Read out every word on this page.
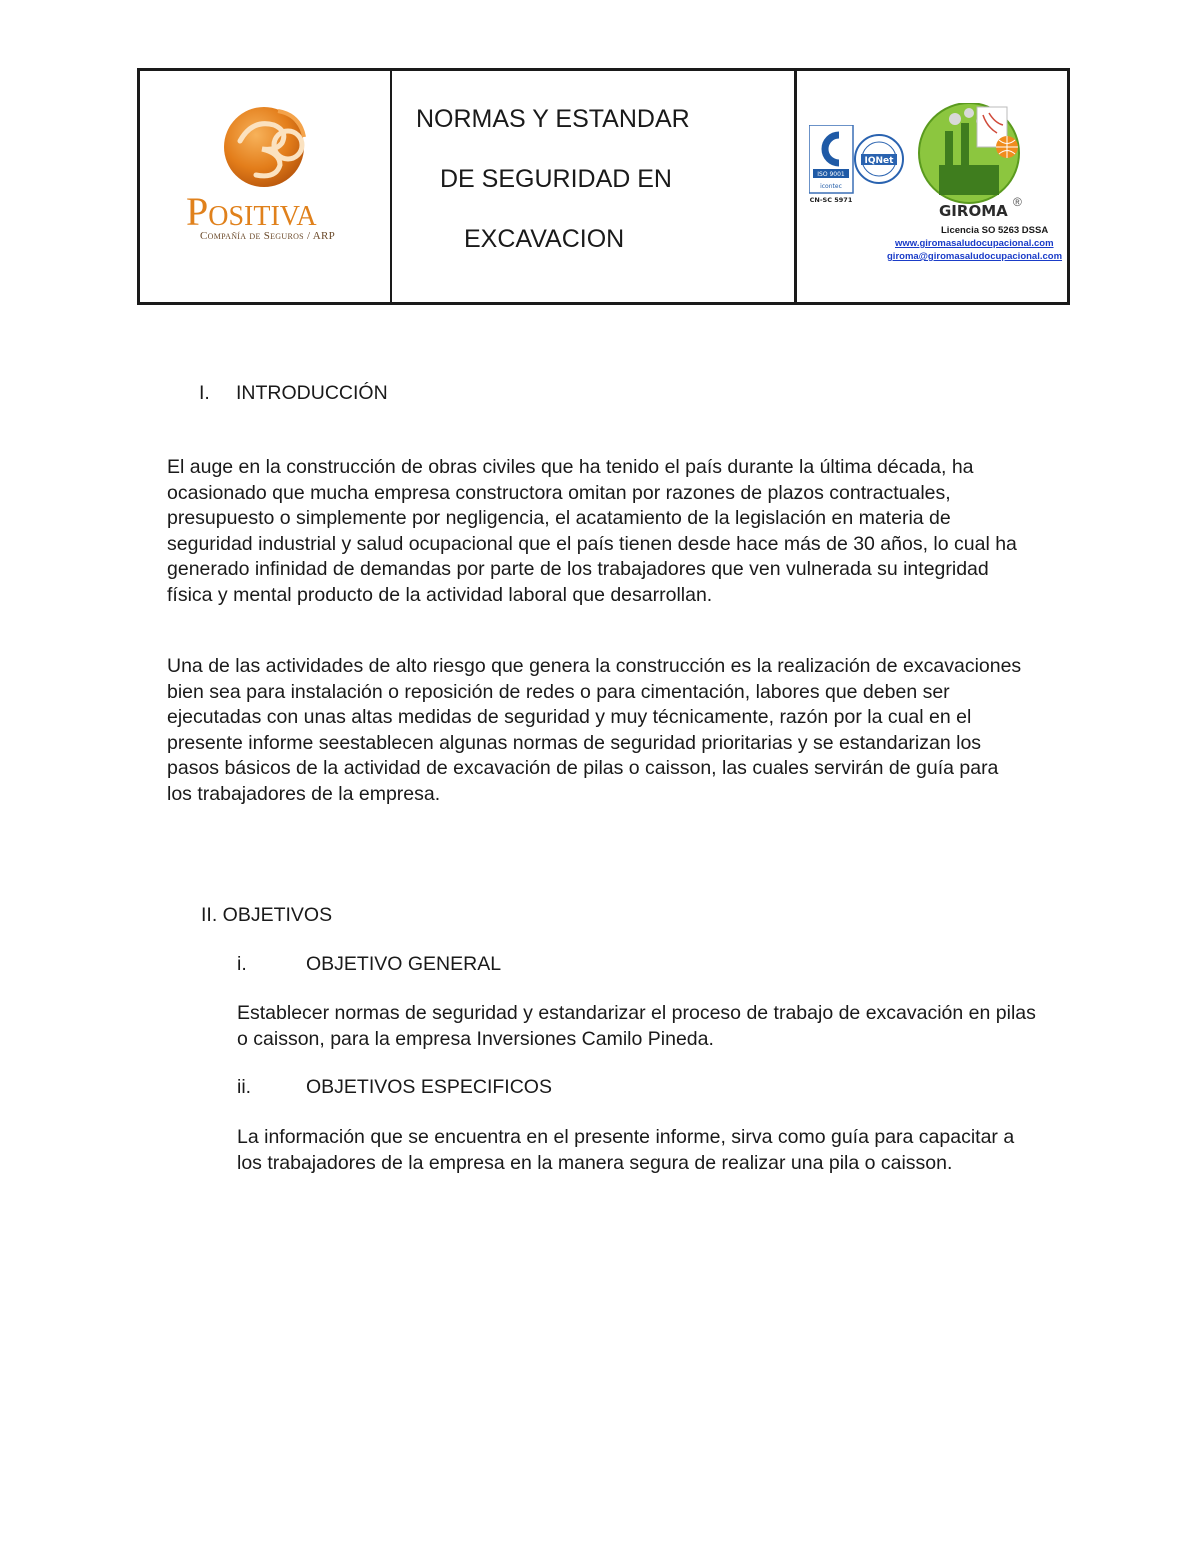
Positiva
Compañía de Seguros / ARP
NORMAS Y ESTANDAR
DE SEGURIDAD EN
EXCAVACION
ISO 9001
icontec
CN-SC 5971
IQNet
GIROMA ®
Licencia SO 5263 DSSA
www.giromasaludocupacional.com
giroma@giromasaludocupacional.com
I. INTRODUCCIÓN

El auge en la construcción de obras civiles que ha tenido el país durante la última década, ha ocasionado que mucha empresa constructora omitan por razones de plazos contractuales, presupuesto o simplemente por negligencia, el acatamiento de la legislación en materia de seguridad industrial y salud ocupacional que el país tienen desde hace más de 30 años, lo cual ha generado infinidad de demandas por parte de los trabajadores que ven vulnerada su integridad física y mental producto de la actividad laboral que desarrollan.

Una de las actividades de alto riesgo que genera la construcción es la realización de excavaciones bien sea para instalación o reposición de redes o para cimentación, labores que deben ser ejecutadas con unas altas medidas de seguridad y muy técnicamente, razón por la cual en el presente informe seestablecen algunas normas de seguridad prioritarias y se estandarizan los pasos básicos de la actividad de excavación de pilas o caisson, las cuales servirán de guía para los trabajadores de la empresa.

II. OBJETIVOS
i.	OBJETIVO GENERAL
Establecer normas de seguridad y estandarizar el proceso de trabajo de excavación en pilas o caisson, para la empresa Inversiones Camilo Pineda.
ii.	OBJETIVOS ESPECIFICOS
La información que se encuentra en el presente informe, sirva como guía para capacitar a los trabajadores de la empresa en la manera segura de realizar una pila o caisson.
